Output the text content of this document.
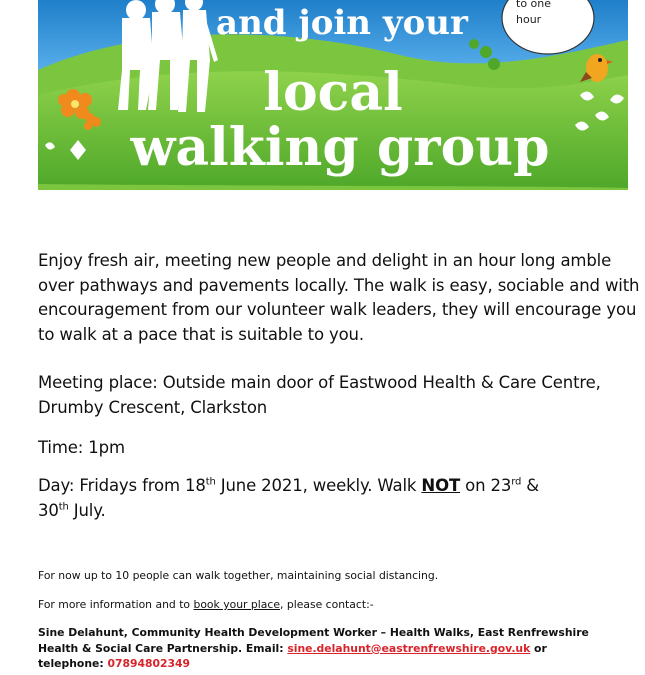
and join your
local
walking group
to one
hour
Enjoy fresh air, meeting new people and delight in an hour long amble over pathways and pavements locally. The walk is easy, sociable and with encouragement from our volunteer walk leaders, they will encourage you to walk at a pace that is suitable to you.
Meeting place: Outside main door of Eastwood Health & Care Centre, Drumby Crescent, Clarkston
Time: 1pm
Day: Fridays from 18th June 2021, weekly. Walk NOT on 23rd &
30th July.
For now up to 10 people can walk together, maintaining social distancing.
For more information and to book your place, please contact:-
Sine Delahunt, Community Health Development Worker – Health Walks, East Renfrewshire Health & Social Care Partnership. Email: sine.delahunt@eastrenfrewshire.gov.uk or
telephone: 07894802349
